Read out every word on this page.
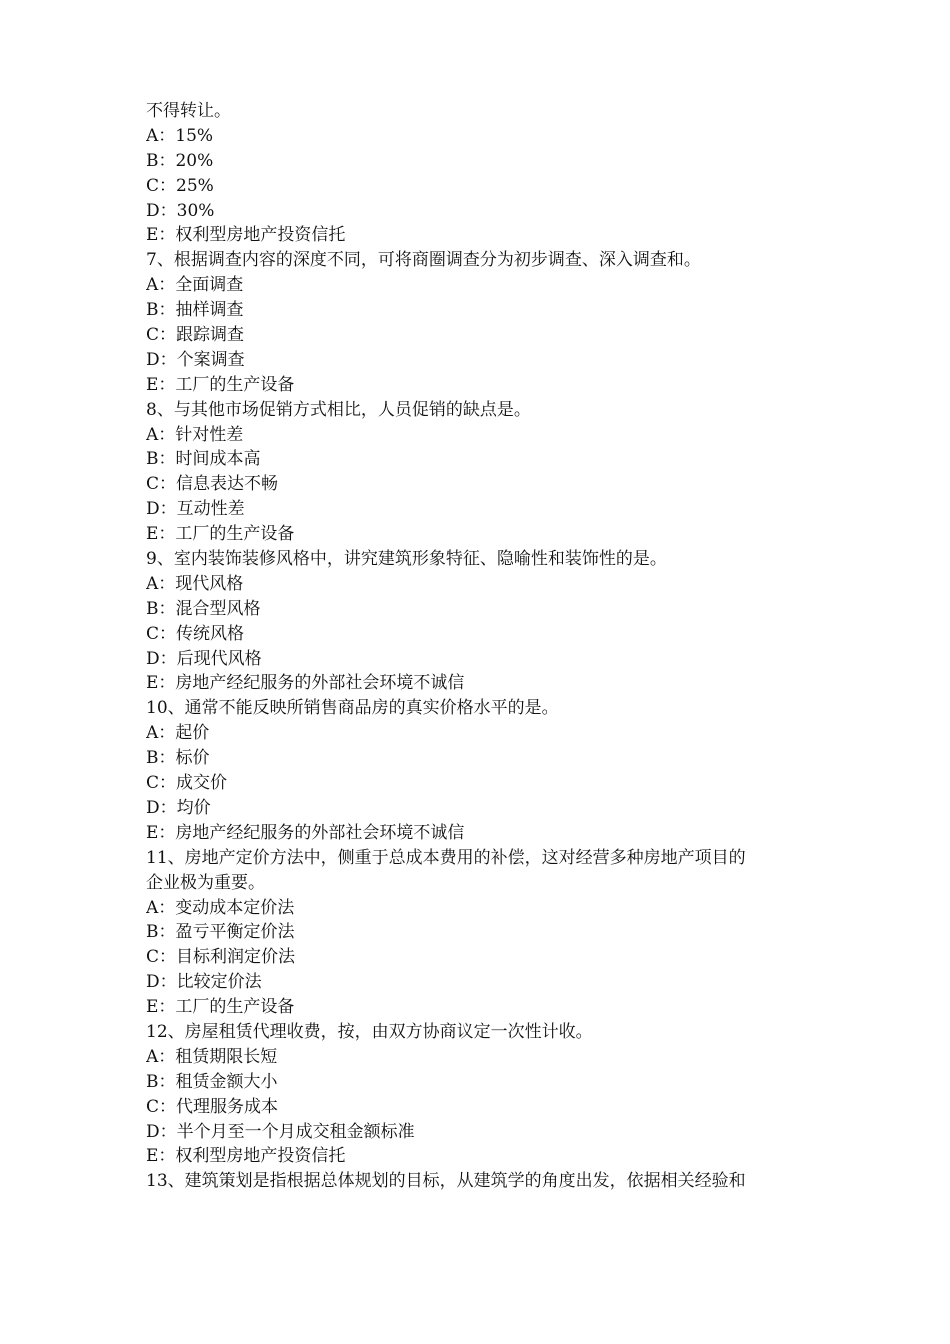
不得转让。
A：15%
B：20%
C：25%
D：30%
E：权利型房地产投资信托
7、根据调查内容的深度不同，可将商圈调查分为初步调查、深入调查和。
A：全面调查
B：抽样调查
C：跟踪调查
D：个案调查
E：工厂的生产设备
8、与其他市场促销方式相比，人员促销的缺点是。
A：针对性差
B：时间成本高
C：信息表达不畅
D：互动性差
E：工厂的生产设备
9、室内装饰装修风格中，讲究建筑形象特征、隐喻性和装饰性的是。
A：现代风格
B：混合型风格
C：传统风格
D：后现代风格
E：房地产经纪服务的外部社会环境不诚信
10、通常不能反映所销售商品房的真实价格水平的是。
A：起价
B：标价
C：成交价
D：均价
E：房地产经纪服务的外部社会环境不诚信
11、房地产定价方法中，侧重于总成本费用的补偿，这对经营多种房地产项目的
企业极为重要。
A：变动成本定价法
B：盈亏平衡定价法
C：目标利润定价法
D：比较定价法
E：工厂的生产设备
12、房屋租赁代理收费，按，由双方协商议定一次性计收。
A：租赁期限长短
B：租赁金额大小
C：代理服务成本
D：半个月至一个月成交租金额标准
E：权利型房地产投资信托
13、建筑策划是指根据总体规划的目标，从建筑学的角度出发，依据相关经验和
